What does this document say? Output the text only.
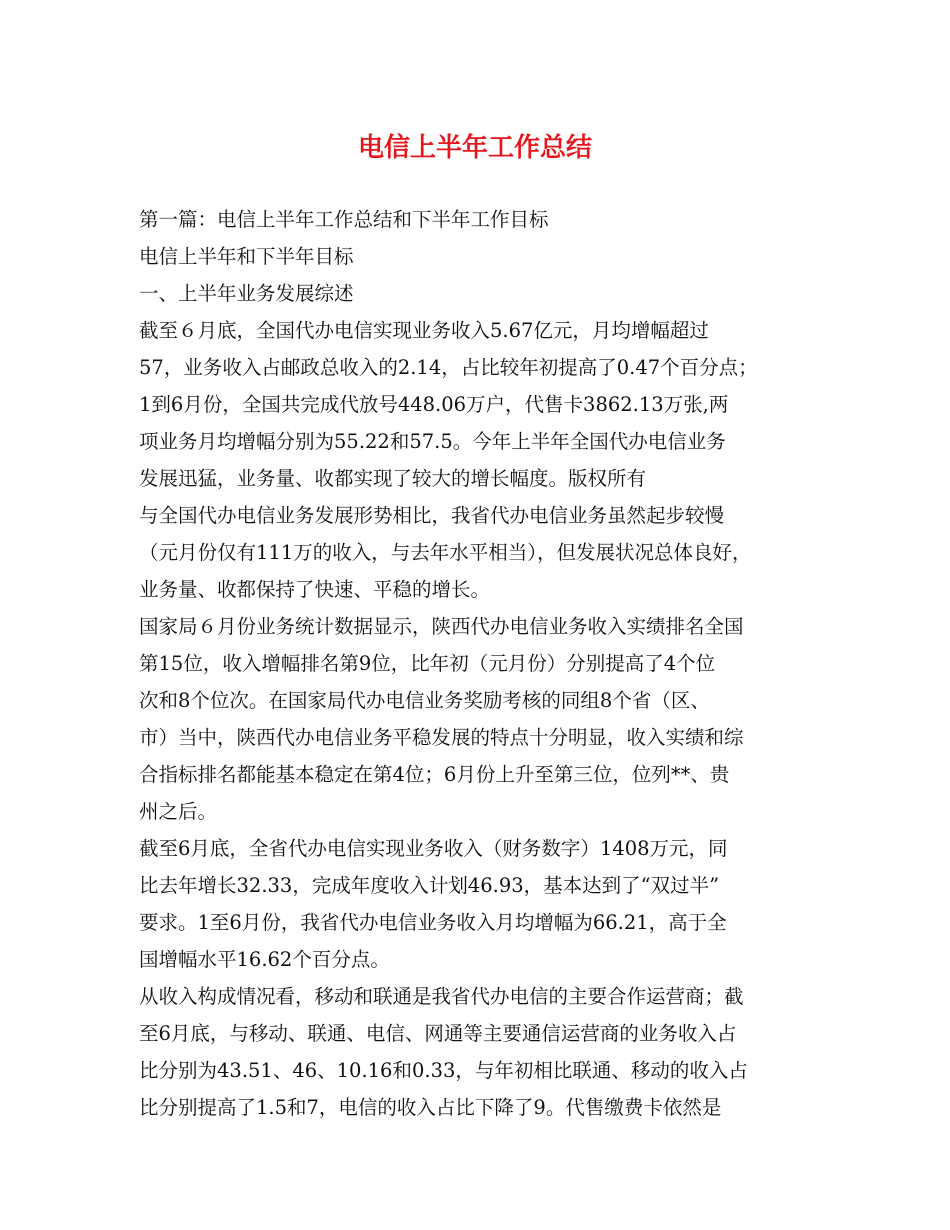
电信上半年工作总结
第一篇：电信上半年工作总结和下半年工作目标
电信上半年和下半年目标
一、上半年业务发展综述
截至６月底，全国代办电信实现业务收入5.67亿元，月均增幅超过
57，业务收入占邮政总收入的2.14，占比较年初提高了0.47个百分点；
1到6月份，全国共完成代放号448.06万户，代售卡3862.13万张,两
项业务月均增幅分别为55.22和57.5。今年上半年全国代办电信业务
发展迅猛，业务量、收都实现了较大的增长幅度。版权所有
与全国代办电信业务发展形势相比，我省代办电信业务虽然起步较慢
（元月份仅有111万的收入，与去年水平相当），但发展状况总体良好，
业务量、收都保持了快速、平稳的增长。
国家局６月份业务统计数据显示，陕西代办电信业务收入实绩排名全国
第15位，收入增幅排名第9位，比年初（元月份）分别提高了4个位
次和8个位次。在国家局代办电信业务奖励考核的同组8个省（区、
市）当中，陕西代办电信业务平稳发展的特点十分明显，收入实绩和综
合指标排名都能基本稳定在第4位；6月份上升至第三位，位列**、贵
州之后。
截至6月底，全省代办电信实现业务收入（财务数字）1408万元，同
比去年增长32.33，完成年度收入计划46.93，基本达到了“双过半”
要求。1至6月份，我省代办电信业务收入月均增幅为66.21，高于全
国增幅水平16.62个百分点。
从收入构成情况看，移动和联通是我省代办电信的主要合作运营商；截
至6月底，与移动、联通、电信、网通等主要通信运营商的业务收入占
比分别为43.51、46、10.16和0.33，与年初相比联通、移动的收入占
比分别提高了1.5和7，电信的收入占比下降了9。代售缴费卡依然是
